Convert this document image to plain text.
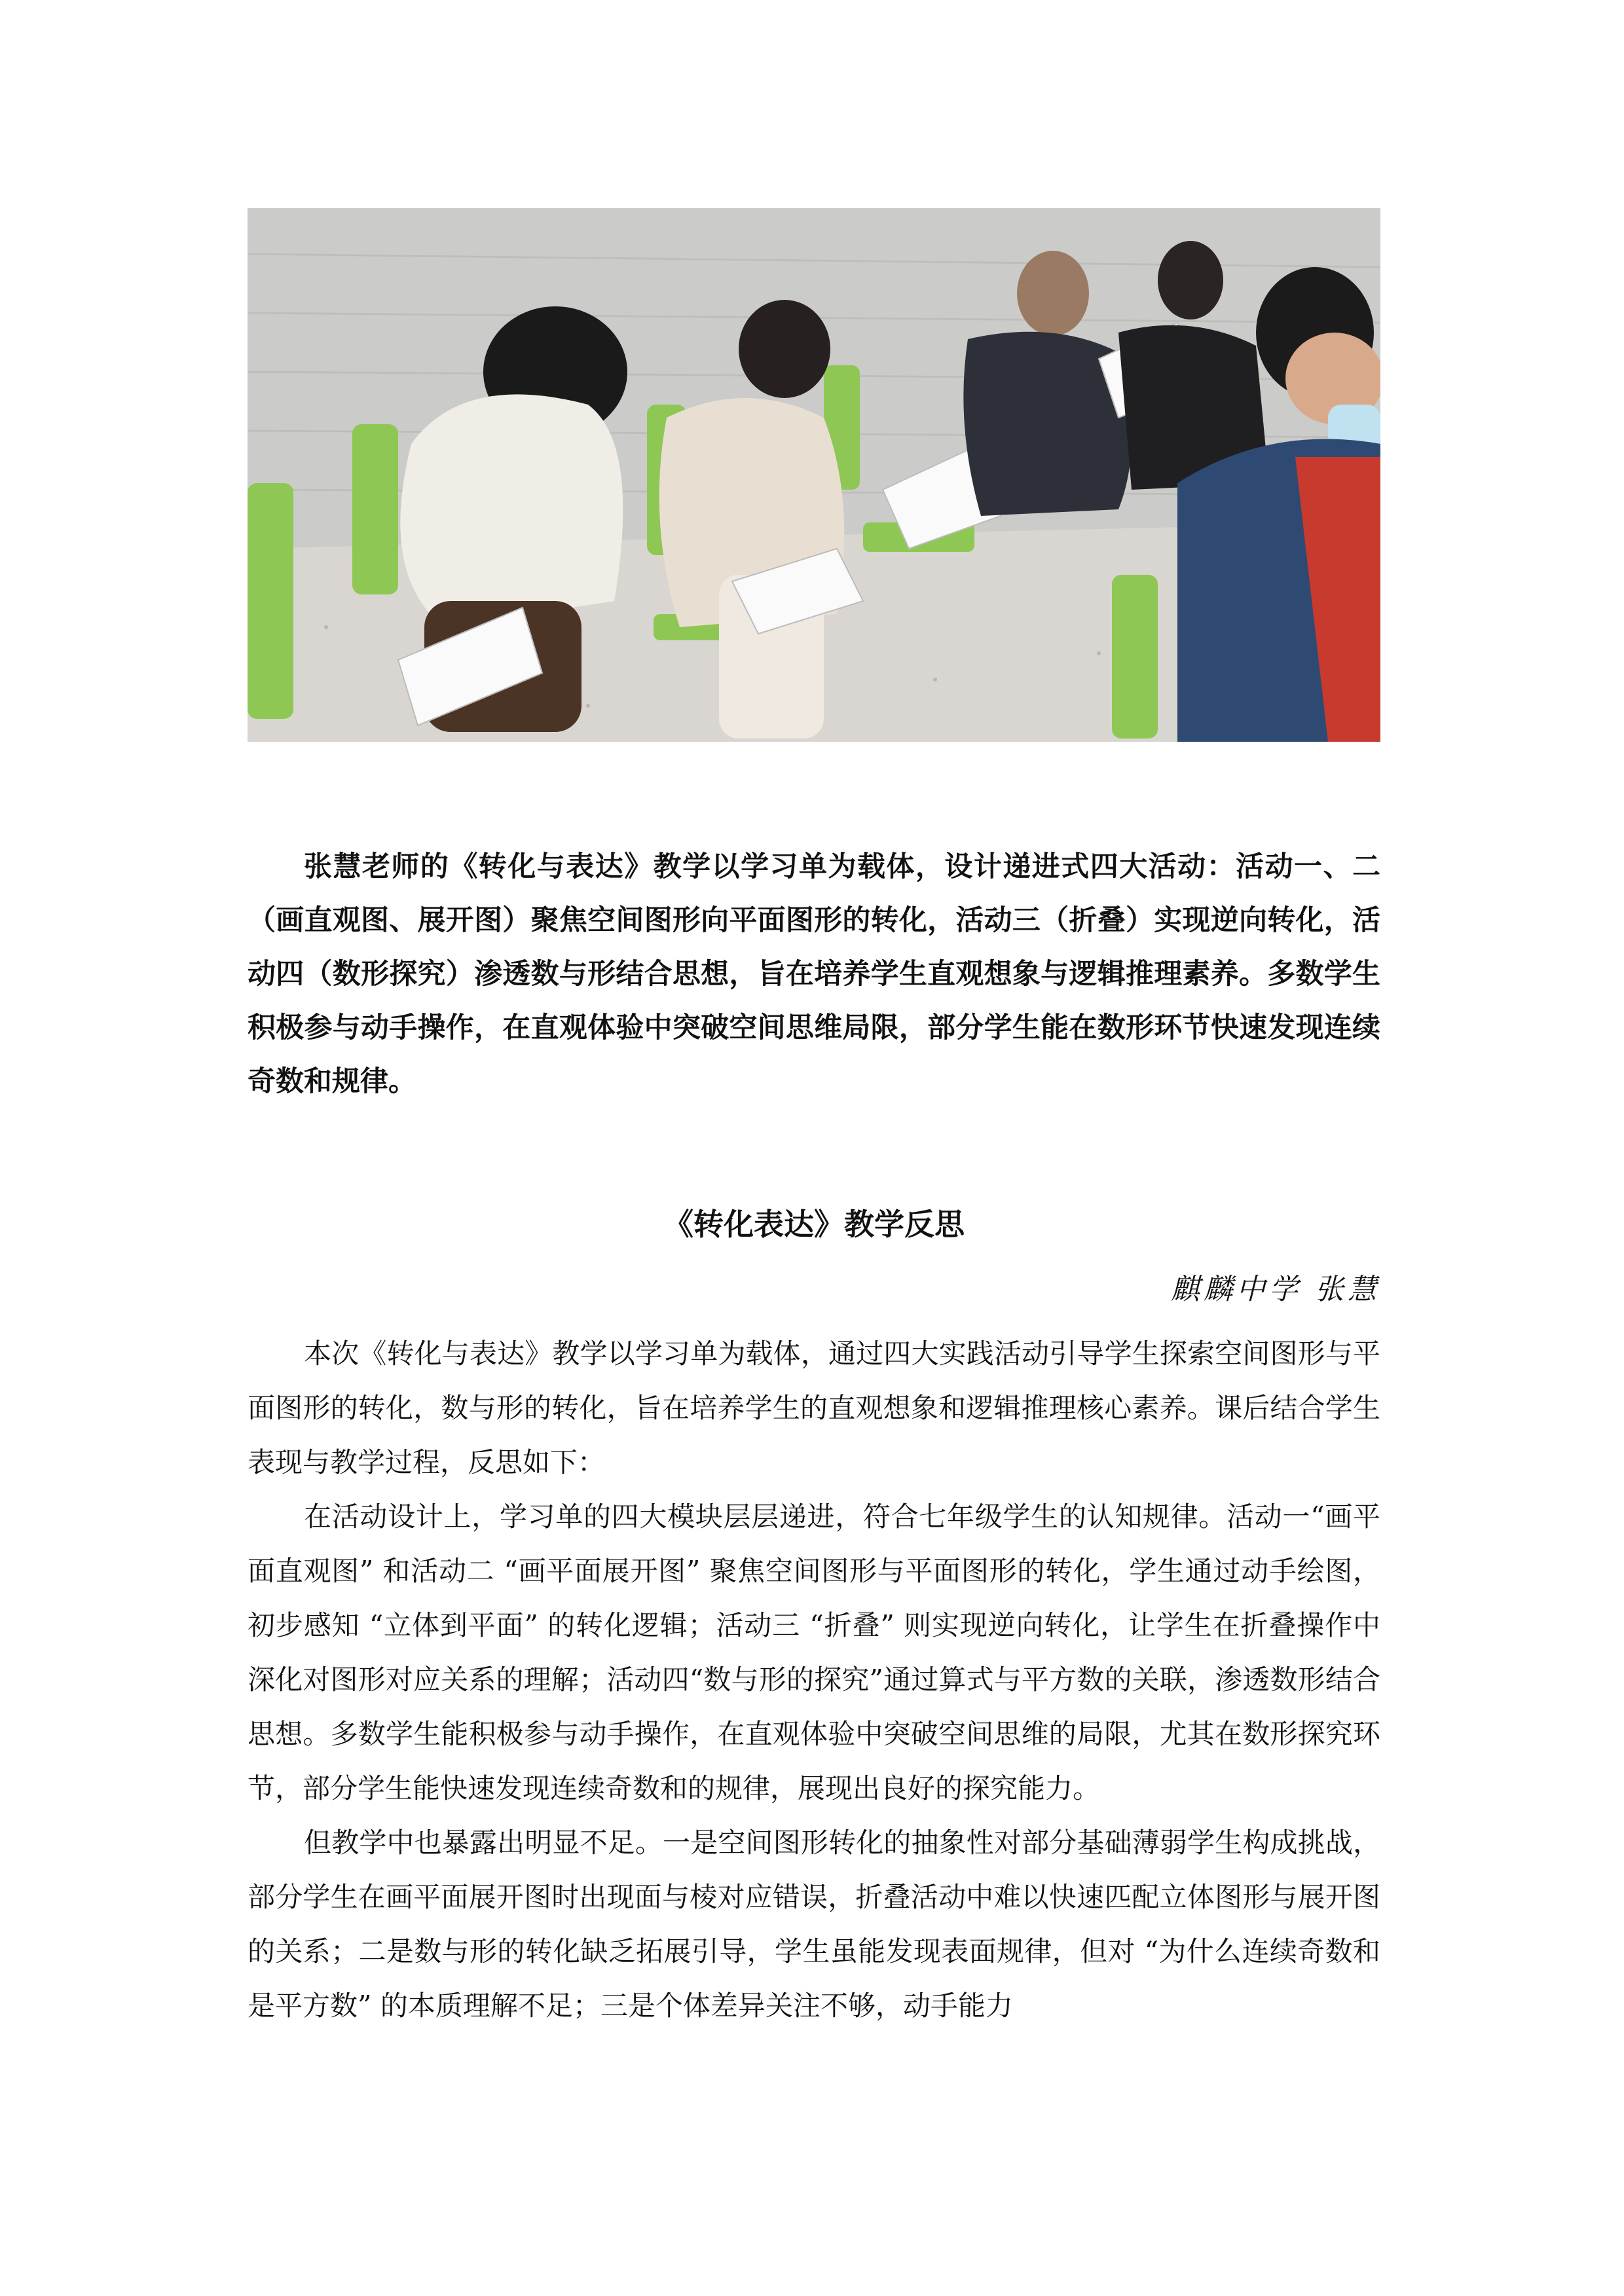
张慧老师的《转化与表达》教学以学习单为载体，设计递进式四大活动：活动一、二（画直观图、展开图）聚焦空间图形向平面图形的转化，活动三（折叠）实现逆向转化，活动四（数形探究）渗透数与形结合思想，旨在培养学生直观想象与逻辑推理素养。多数学生积极参与动手操作，在直观体验中突破空间思维局限，部分学生能在数形环节快速发现连续奇数和规律。

《转化表达》教学反思

麒麟中学 张慧

本次《转化与表达》教学以学习单为载体，通过四大实践活动引导学生探索空间图形与平面图形的转化，数与形的转化，旨在培养学生的直观想象和逻辑推理核心素养。课后结合学生表现与教学过程，反思如下：

在活动设计上，学习单的四大模块层层递进，符合七年级学生的认知规律。活动一“画平面直观图” 和活动二 “画平面展开图” 聚焦空间图形与平面图形的转化，学生通过动手绘图，初步感知 “立体到平面” 的转化逻辑；活动三 “折叠” 则实现逆向转化，让学生在折叠操作中深化对图形对应关系的理解；活动四“数与形的探究”通过算式与平方数的关联，渗透数形结合思想。多数学生能积极参与动手操作，在直观体验中突破空间思维的局限，尤其在数形探究环节，部分学生能快速发现连续奇数和的规律，展现出良好的探究能力。

但教学中也暴露出明显不足。一是空间图形转化的抽象性对部分基础薄弱学生构成挑战，部分学生在画平面展开图时出现面与棱对应错误，折叠活动中难以快速匹配立体图形与展开图的关系；二是数与形的转化缺乏拓展引导，学生虽能发现表面规律，但对 “为什么连续奇数和是平方数” 的本质理解不足；三是个体差异关注不够，动手能力
